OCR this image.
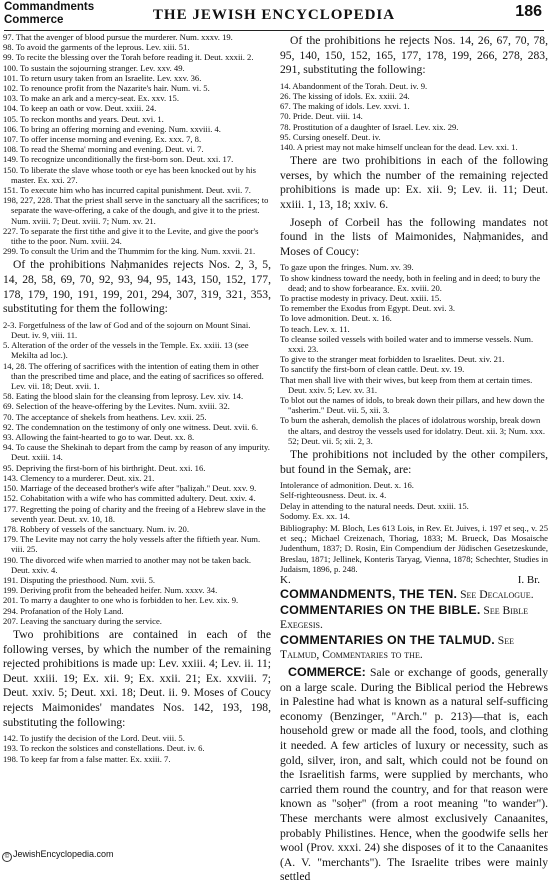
Commandments
Commerce	THE JEWISH ENCYCLOPEDIA	186

97. That the avenger of blood pursue the murderer. Num. xxxv. 19.

98. To avoid the garments of the leprous. Lev. xiii. 51.

99. To recite the blessing over the Torah before reading it. Deut. xxxii. 2.

100. To sustain the sojourning stranger. Lev. xxv. 49.

101. To return usury taken from an Israelite. Lev. xxv. 36.

102. To renounce profit from the Nazarite's hair. Num. vi. 5.

103. To make an ark and a mercy-seat. Ex. xxv. 15.

104. To keep an oath or vow. Deut. xxiii. 24.

105. To reckon months and years. Deut. xvi. 1.

106. To bring an offering morning and evening. Num. xxviii. 4.

107. To offer incense morning and evening. Ex. xxx. 7, 8.

108. To read the Shema' morning and evening. Deut. vi. 7.

149. To recognize unconditionally the first-born son. Deut. xxi. 17.

150. To liberate the slave whose tooth or eye has been knocked out by his master. Ex. xxi. 27.

151. To execute him who has incurred capital punishment. Deut. xvii. 7.

198, 227, 228. That the priest shall serve in the sanctuary all the sacrifices; to separate the wave-offering, a cake of the dough, and give it to the priest. Num. xviii. 7; Deut. xviii. 7; Num. xv. 21.

227. To separate the first tithe and give it to the Levite, and give the poor's tithe to the poor. Num. xviii. 24.

299. To consult the Urim and the Thummim for the king. Num. xxvii. 21.

Of the prohibitions Naḥmanides rejects Nos. 2, 3, 5, 14, 28, 58, 69, 70, 92, 93, 94, 95, 143, 150, 152, 177, 178, 179, 190, 191, 199, 201, 294, 307, 319, 321, 353, substituting for them the following:

2-3. Forgetfulness of the law of God and of the sojourn on Mount Sinai. Deut. iv. 9, viii. 11.

5. Alteration of the order of the vessels in the Temple. Ex. xxiii. 13 (see Mekilta ad loc.).

14, 28. The offering of sacrifices with the intention of eating them in other than the prescribed time and place, and the eating of sacrifices so offered. Lev. vii. 18; Deut. xvii. 1.

58. Eating the blood slain for the cleansing from leprosy. Lev. xiv. 14.

69. Selection of the heave-offering by the Levites. Num. xviii. 32.

70. The acceptance of shekels from heathens. Lev. xxii. 25.

92. The condemnation on the testimony of only one witness. Deut. xvii. 6.

93. Allowing the faint-hearted to go to war. Deut. xx. 8.

94. To cause the Shekinah to depart from the camp by reason of any impurity. Deut. xxiii. 14.

95. Depriving the first-born of his birthright. Deut. xxi. 16.

143. Clemency to a murderer. Deut. xix. 21.

150. Marriage of the deceased brother's wife after "ḥaliẓah." Deut. xxv. 9.

152. Cohabitation with a wife who has committed adultery. Deut. xxiv. 4.

177. Regretting the poing of charity and the freeing of a Hebrew slave in the seventh year. Deut. xv. 10, 18.

178. Robbery of vessels of the sanctuary. Num. iv. 20.

179. The Levite may not carry the holy vessels after the fiftieth year. Num. viii. 25.

190. The divorced wife when married to another may not be taken back. Deut. xxiv. 4.

191. Disputing the priesthood. Num. xvii. 5.

199. Deriving profit from the beheaded heifer. Num. xxxv. 34.

201. To marry a daughter to one who is forbidden to her. Lev. xix. 9.

294. Profanation of the Holy Land.

207. Leaving the sanctuary during the service.

Two prohibitions are contained in each of the following verses, by which the number of the remaining rejected prohibitions is made up: Lev. xxiii. 4; Lev. ii. 11; Deut. xxiii. 19; Ex. xii. 9; Ex. xxii. 21; Ex. xxviii. 7; Deut. xxiv. 5; Deut. xxi. 18; Deut. ii. 9. Moses of Coucy rejects Maimonides' mandates Nos. 142, 193, 198, substituting the following:

142. To justify the decision of the Lord. Deut. viii. 5.

193. To reckon the solstices and constellations. Deut. iv. 6.

198. To keep far from a false matter. Ex. xxiii. 7.

Of the prohibitions he rejects Nos. 14, 26, 67, 70, 78, 95, 140, 150, 152, 165, 177, 178, 199, 266, 278, 283, 291, substituting the following:

14. Abandonment of the Torah. Deut. iv. 9.

26. The kissing of idols. Ex. xxiii. 24.

67. The making of idols. Lev. xxvi. 1.

70. Pride. Deut. viii. 14.

78. Prostitution of a daughter of Israel. Lev. xix. 29.

95. Cursing oneself. Deut. iv.

140. A priest may not make himself unclean for the dead. Lev. xxi. 1.

There are two prohibitions in each of the following verses, by which the number of the remaining rejected prohibitions is made up: Ex. xii. 9; Lev. ii. 11; Deut. xxiii. 1, 13, 18; xxiv. 6.

Joseph of Corbeil has the following mandates not found in the lists of Maimonides, Naḥmanides, and Moses of Coucy:

To gaze upon the fringes. Num. xv. 39.

To show kindness toward the needy, both in feeling and in deed; to bury the dead; and to show forbearance. Ex. xviii. 20.

To practise modesty in privacy. Deut. xxiii. 15.

To remember the Exodus from Egypt. Deut. xvi. 3.

To love admonition. Deut. x. 16.

To teach. Lev. x. 11.

To cleanse soiled vessels with boiled water and to immerse vessels. Num. xxxi. 23.

To give to the stranger meat forbidden to Israelites. Deut. xiv. 21.

To sanctify the first-born of clean cattle. Deut. xv. 19.

That men shall live with their wives, but keep from them at certain times. Deut. xxiv. 5; Lev. xv. 31.

To blot out the names of idols, to break down their pillars, and hew down the "asherim." Deut. vii. 5, xii. 3.

To burn the asherah, demolish the places of idolatrous worship, break down the altars, and destroy the vessels used for idolatry. Deut. xii. 3; Num. xxx. 52; Deut. vii. 5; xii. 2, 3.

The prohibitions not included by the other compilers, but found in the Semaḳ, are:

Intolerance of admonition. Deut. x. 16.

Self-righteousness. Deut. ix. 4.

Delay in attending to the natural needs. Deut. xxiii. 15.

Sodomy. Ex. xx. 14.

Bibliography: M. Bloch, Les 613 Lois, in Rev. Et. Juives, i. 197 et seq., v. 25 et seq.; Michael Creizenach, Thoriag, 1833; M. Brueck, Das Mosaische Judenthum, 1837; D. Rosin, Ein Compendium der Jüdischen Gesetzeskunde, Breslau, 1871; Jellinek, Konteris Taryag, Vienna, 1878; Schechter, Studies in Judaism, 1896, p. 248.

K.	I. Br.

COMMANDMENTS, THE TEN. See Decalogue.

COMMENTARIES ON THE BIBLE. See Bible Exegesis.

COMMENTARIES ON THE TALMUD. See Talmud, Commentaries to the.

COMMERCE: Sale or exchange of goods, generally on a large scale. During the Biblical period the Hebrews in Palestine had what is known as a natural self-sufficing economy (Benzinger, "Arch." p. 213)—that is, each household grew or made all the food, tools, and clothing it needed. A few articles of luxury or necessity, such as gold, silver, iron, and salt, which could not be found on the Israelitish farms, were supplied by merchants, who carried them round the country, and for that reason were known as "soḥer" (from a root meaning "to wander"). These merchants were almost exclusively Canaanites, probably Philistines. Hence, when the goodwife sells her wool (Prov. xxxi. 24) she disposes of it to the Canaanites (A. V. "merchants"). The Israelite tribes were mainly settled

© JewishEncyclopedia.com
